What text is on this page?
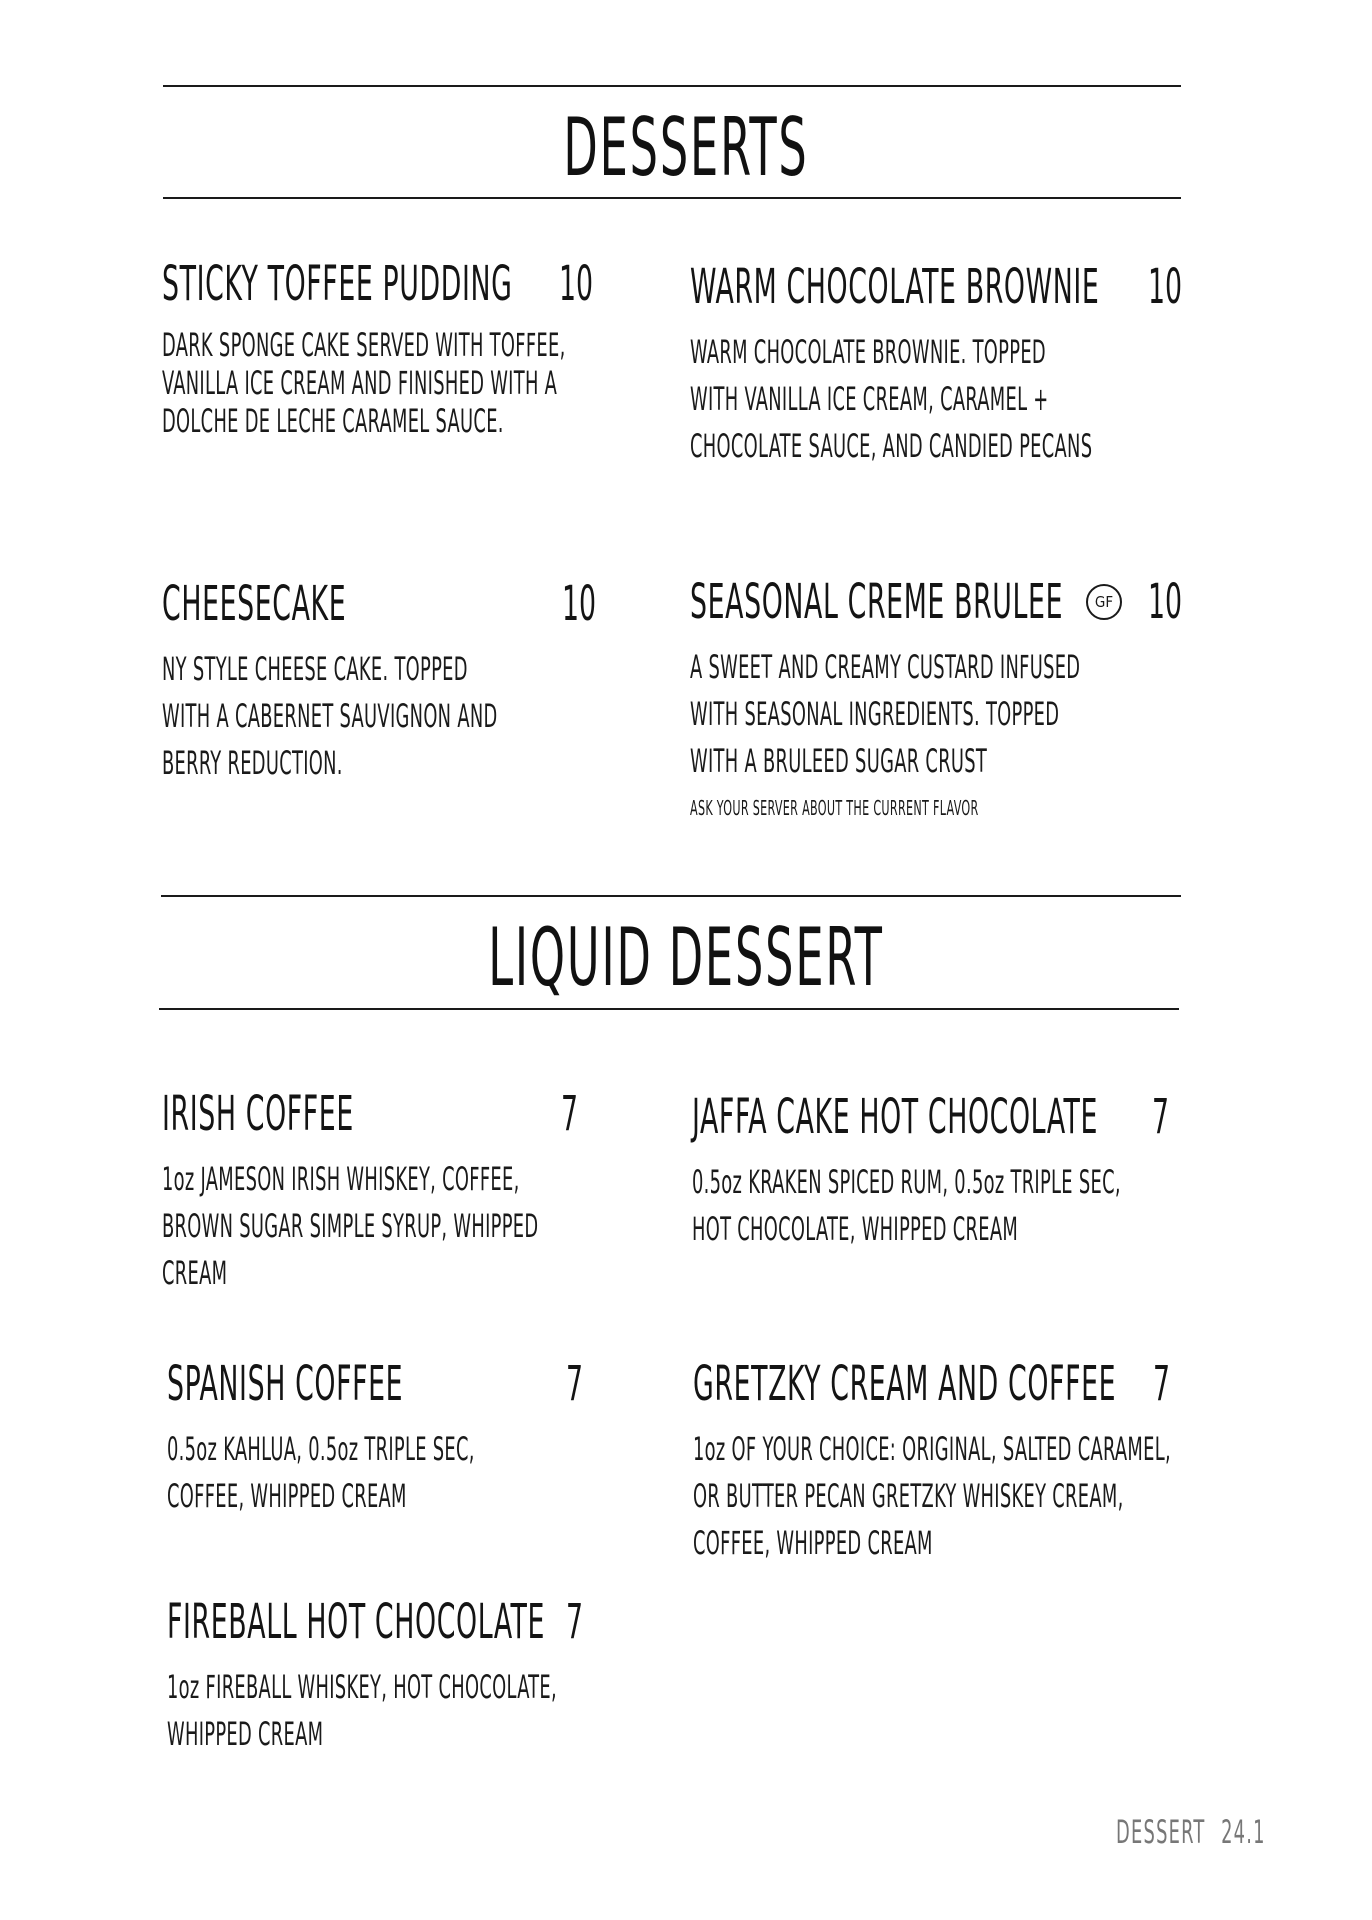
DESSERTS
STICKY TOFFEE PUDDING 10
DARK SPONGE CAKE SERVED WITH TOFFEE,
VANILLA ICE CREAM AND FINISHED WITH A
DOLCHE DE LECHE CARAMEL SAUCE.
WARM CHOCOLATE BROWNIE 10
WARM CHOCOLATE BROWNIE. TOPPED
WITH VANILLA ICE CREAM, CARAMEL +
CHOCOLATE SAUCE, AND CANDIED PECANS
CHEESECAKE	10
NY STYLE CHEESE CAKE. TOPPED
WITH A CABERNET SAUVIGNON AND
BERRY REDUCTION.
SEASONAL CREME BRULEE	GF 10
A SWEET AND CREAMY CUSTARD INFUSED
WITH SEASONAL INGREDIENTS. TOPPED
WITH A BRULEED SUGAR CRUST
ASK YOUR SERVER ABOUT THE CURRENT FLAVOR
LIQUID DESSERT
IRISH COFFEE	7
1oz JAMESON IRISH WHISKEY, COFFEE,
BROWN SUGAR SIMPLE SYRUP, WHIPPED
CREAM
JAFFA CAKE HOT CHOCOLATE 7
0.5oz KRAKEN SPICED RUM, 0.5oz TRIPLE SEC,
HOT CHOCOLATE, WHIPPED CREAM
SPANISH COFFEE	7
0.5oz KAHLUA, 0.5oz TRIPLE SEC,
COFFEE, WHIPPED CREAM
GRETZKY CREAM AND COFFEE 7
1oz OF YOUR CHOICE: ORIGINAL, SALTED CARAMEL,
OR BUTTER PECAN GRETZKY WHISKEY CREAM,
COFFEE, WHIPPED CREAM
FIREBALL HOT CHOCOLATE 7
1oz FIREBALL WHISKEY, HOT CHOCOLATE,
WHIPPED CREAM
DESSERT 24.1
